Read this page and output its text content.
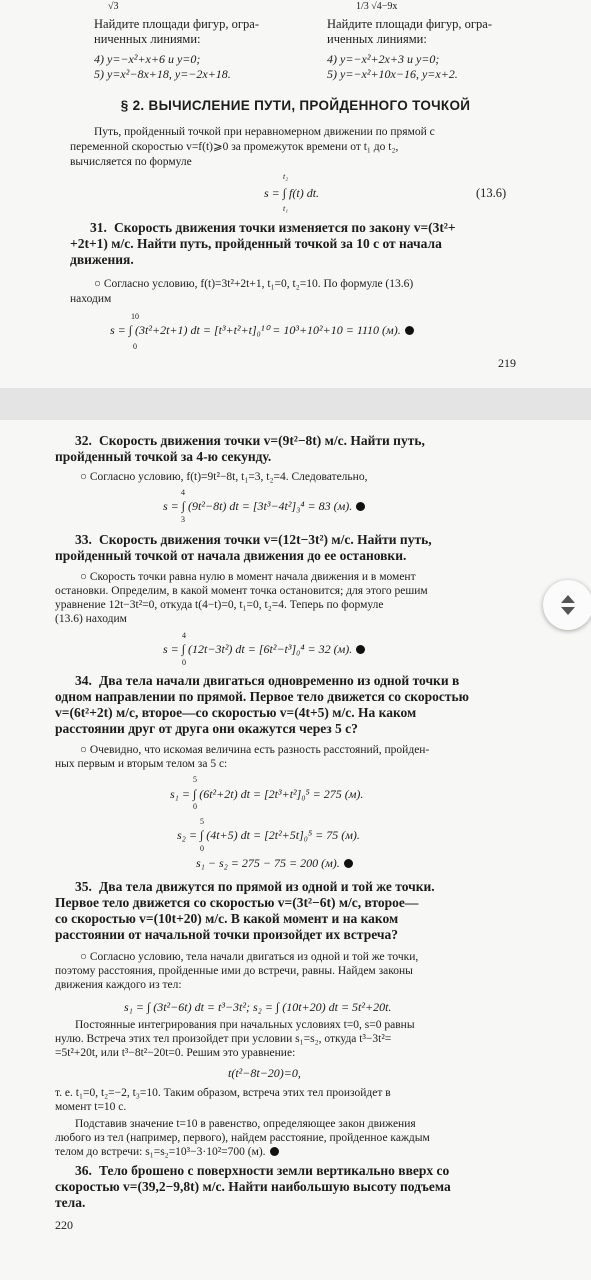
√3	1/3 √4−9x
Найдите площади фигур, огра-
ниченных линиями:
4) y=−x²+x+6 и y=0;
5) y=x²−8x+18, y=−2x+18.
Найдите площади фигур, огра-
иченных линиями:
4) y=−x²+2x+3 и y=0;
5) y=−x²+10x−16, y=x+2.
§ 2. ВЫЧИСЛЕНИЕ ПУТИ, ПРОЙДЕННОГО ТОЧКОЙ
Путь, пройденный точкой при неравномерном движении по прямой с
переменной скоростью v=f(t)⩾0 за промежуток времени от t₁ до t₂,
вычисляется по формуле
t₂
s = ∫ f(t) dt.
t₁
(13.6)
31. Скорость движения точки изменяется по закону v=(3t²+
+2t+1) м/с. Найти путь, пройденный точкой за 10 с от начала
движения.
○ Согласно условию, f(t)=3t²+2t+1, t₁=0, t₂=10. По формуле (13.6)
находим
10
s = ∫ (3t²+2t+1) dt = [t³+t²+t]₀¹⁰ = 10³+10²+10 = 1110 (м).
0
219
32. Скорость движения точки v=(9t²−8t) м/с. Найти путь,
пройденный точкой за 4-ю секунду.
○ Согласно условию, f(t)=9t²−8t, t₁=3, t₂=4. Следовательно,
4
s = ∫ (9t²−8t) dt = [3t³−4t²]₃⁴ = 83 (м).
3
33. Скорость движения точки v=(12t−3t²) м/с. Найти путь,
пройденный точкой от начала движения до ее остановки.
○ Скорость точки равна нулю в момент начала движения и в момент
остановки. Определим, в какой момент точка остановится; для этого решим
уравнение 12t−3t²=0, откуда t(4−t)=0, t₁=0, t₂=4. Теперь по формуле
(13.6) находим
4
s = ∫ (12t−3t²) dt = [6t²−t³]₀⁴ = 32 (м).
0
34. Два тела начали двигаться одновременно из одной точки в
одном направлении по прямой. Первое тело движется со скоростью
v=(6t²+2t) м/с, второе—со скоростью v=(4t+5) м/с. На каком
расстоянии друг от друга они окажутся через 5 с?
○ Очевидно, что искомая величина есть разность расстояний, пройден-
ных первым и вторым телом за 5 с:
5
s₁ = ∫ (6t²+2t) dt = [2t³+t²]₀⁵ = 275 (м).
0
5
s₂ = ∫ (4t+5) dt = [2t²+5t]₀⁵ = 75 (м).
0
s₁ − s₂ = 275 − 75 = 200 (м).
35. Два тела движутся по прямой из одной и той же точки.
Первое тело движется со скоростью v=(3t²−6t) м/с, второе—
со скоростью v=(10t+20) м/с. В какой момент и на каком
расстоянии от начальной точки произойдет их встреча?
○ Согласно условию, тела начали двигаться из одной и той же точки,
поэтому расстояния, пройденные ими до встречи, равны. Найдем законы
движения каждого из тел:
s₁ = ∫ (3t²−6t) dt = t³−3t²; s₂ = ∫ (10t+20) dt = 5t²+20t.
Постоянные интегрирования при начальных условиях t=0, s=0 равны
нулю. Встреча этих тел произойдет при условии s₁=s₂, откуда t³−3t²=
=5t²+20t, или t³−8t²−20t=0. Решим это уравнение:
t(t²−8t−20)=0,
т. е. t₁=0, t₂=−2, t₃=10. Таким образом, встреча этих тел произойдет в
момент t=10 с.
Подставив значение t=10 в равенство, определяющее закон движения
любого из тел (например, первого), найдем расстояние, пройденное каждым
телом до встречи: s₁=s₂=10³−3·10²=700 (м).
36. Тело брошено с поверхности земли вертикально вверх со
скоростью v=(39,2−9,8t) м/с. Найти наибольшую высоту подъема
тела.
220
